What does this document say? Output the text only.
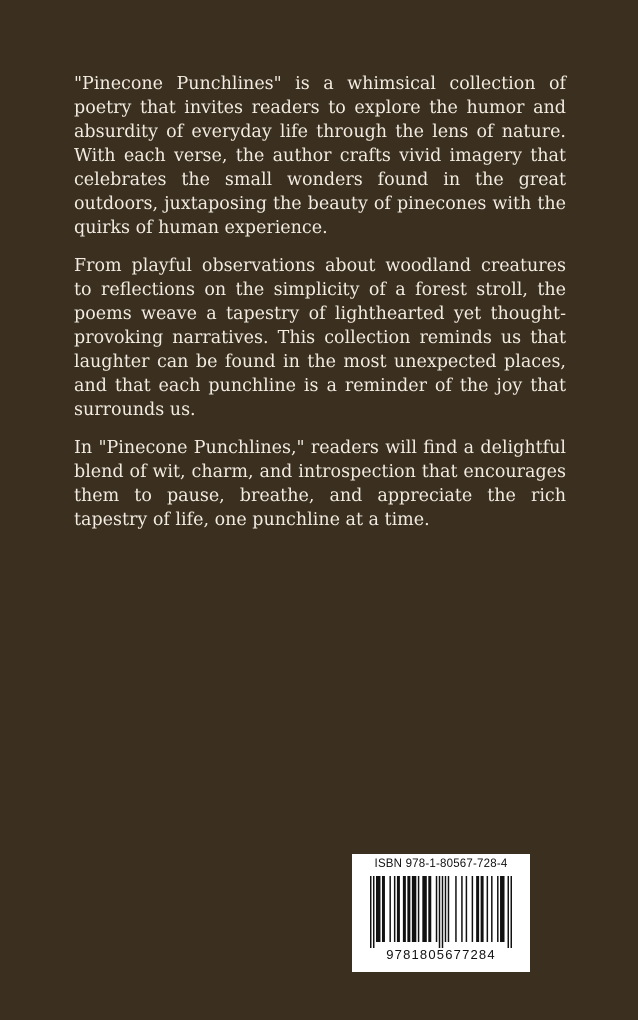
"Pinecone Punchlines" is a whimsical collection of poetry that invites readers to explore the humor and absurdity of everyday life through the lens of nature. With each verse, the author crafts vivid imagery that celebrates the small wonders found in the great outdoors, juxtaposing the beauty of pinecones with the quirks of human experience.

From playful observations about woodland creatures to reflections on the simplicity of a forest stroll, the poems weave a tapestry of lighthearted yet thought-provoking narratives. This collection reminds us that laughter can be found in the most unexpected places, and that each punchline is a reminder of the joy that surrounds us.

In "Pinecone Punchlines," readers will find a delightful blend of wit, charm, and introspection that encourages them to pause, breathe, and appreciate the rich tapestry of life, one punchline at a time.

ISBN 978-1-80567-728-4
9781805677284
